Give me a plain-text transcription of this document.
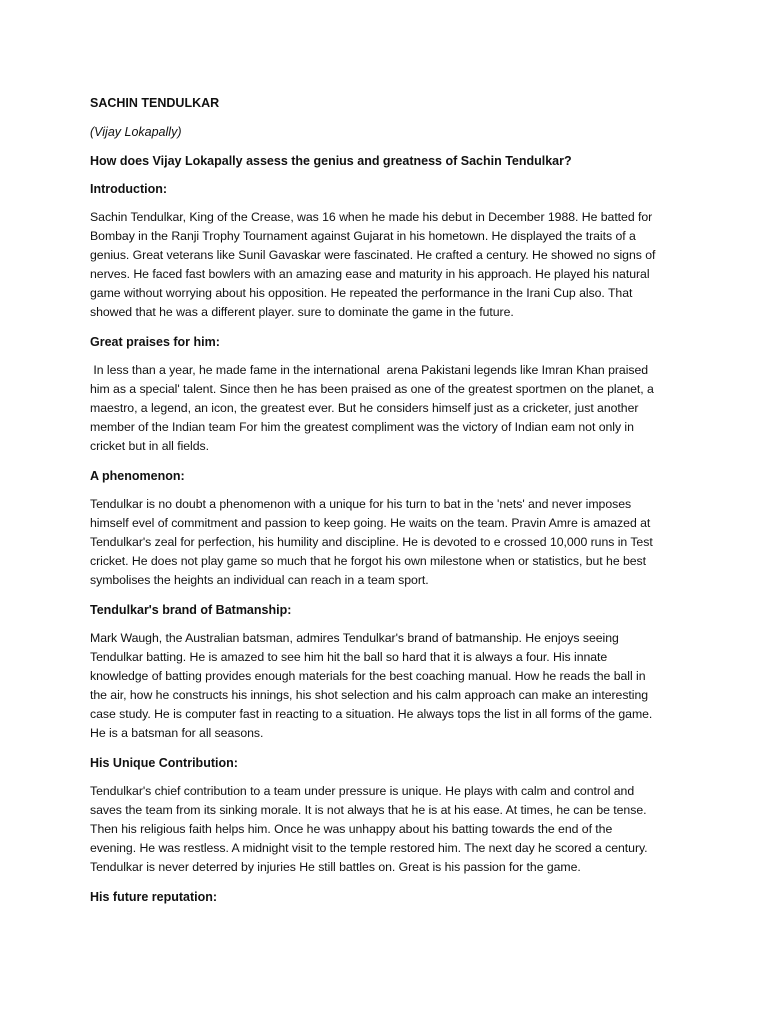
SACHIN TENDULKAR
(Vijay Lokapally)
How does Vijay Lokapally assess the genius and greatness of Sachin Tendulkar?
Introduction:
Sachin Tendulkar, King of the Crease, was 16 when he made his debut in December 1988. He batted for
Bombay in the Ranji Trophy Tournament against Gujarat in his hometown. He displayed the traits of a
genius. Great veterans like Sunil Gavaskar were fascinated. He crafted a century. He showed no signs of
nerves. He faced fast bowlers with an amazing ease and maturity in his approach. He played his natural
game without worrying about his opposition. He repeated the performance in the Irani Cup also. That
showed that he was a different player. sure to dominate the game in the future.
Great praises for him:
In less than a year, he made fame in the international  arena Pakistani legends like Imran Khan praised
him as a special' talent. Since then he has been praised as one of the greatest sportmen on the planet, a
maestro, a legend, an icon, the greatest ever. But he considers himself just as a cricketer, just another
member of the Indian team For him the greatest compliment was the victory of Indian eam not only in
cricket but in all fields.
A phenomenon:
Tendulkar is no doubt a phenomenon with a unique for his turn to bat in the 'nets' and never imposes
himself evel of commitment and passion to keep going. He waits on the team. Pravin Amre is amazed at
Tendulkar's zeal for perfection, his humility and discipline. He is devoted to e crossed 10,000 runs in Test
cricket. He does not play game so much that he forgot his own milestone when or statistics, but he best
symbolises the heights an individual can reach in a team sport.
Tendulkar's brand of Batmanship:
Mark Waugh, the Australian batsman, admires Tendulkar's brand of batmanship. He enjoys seeing
Tendulkar batting. He is amazed to see him hit the ball so hard that it is always a four. His innate
knowledge of batting provides enough materials for the best coaching manual. How he reads the ball in
the air, how he constructs his innings, his shot selection and his calm approach can make an interesting
case study. He is computer fast in reacting to a situation. He always tops the list in all forms of the game.
He is a batsman for all seasons.
His Unique Contribution:
Tendulkar's chief contribution to a team under pressure is unique. He plays with calm and control and
saves the team from its sinking morale. It is not always that he is at his ease. At times, he can be tense.
Then his religious faith helps him. Once he was unhappy about his batting towards the end of the
evening. He was restless. A midnight visit to the temple restored him. The next day he scored a century.
Tendulkar is never deterred by injuries He still battles on. Great is his passion for the game.
His future reputation:
